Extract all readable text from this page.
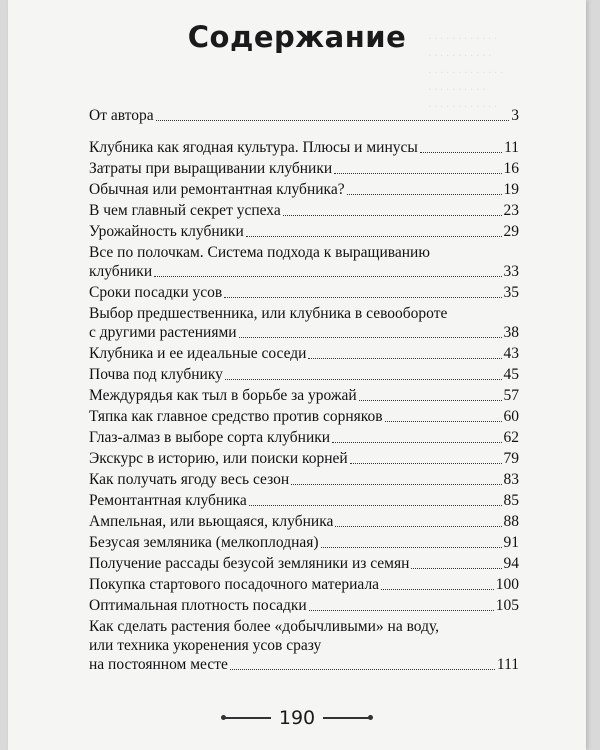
· · · · · · · · · · · ·
· · · · · · · · · · ·
· · · · · · · · · · · · ·
· · · · · · · · · ·
· · · · · · · · · · · ·
Содержание
От автора	3
Клубника как ягодная культура. Плюсы и минусы	11
Затраты при выращивании клубники	16
Обычная или ремонтантная клубника?	19
В чем главный секрет успеха	23
Урожайность клубники	29
Все по полочкам. Система подхода к выращиванию
клубники	33
Сроки посадки усов	35
Выбор предшественника, или клубника в севообороте
с другими растениями	38
Клубника и ее идеальные соседи	43
Почва под клубнику	45
Междурядья как тыл в борьбе за урожай	57
Тяпка как главное средство против сорняков	60
Глаз-алмаз в выборе сорта клубники	62
Экскурс в историю, или поиски корней	79
Как получать ягоду весь сезон	83
Ремонтантная клубника	85
Ампельная, или вьющаяся, клубника	88
Безусая земляника (мелкоплодная)	91
Получение рассады безусой земляники из семян	94
Покупка стартового посадочного материала	100
Оптимальная плотность посадки	105
Как сделать растения более «добычливыми» на воду,
или техника укоренения усов сразу
на постоянном месте	111
190
